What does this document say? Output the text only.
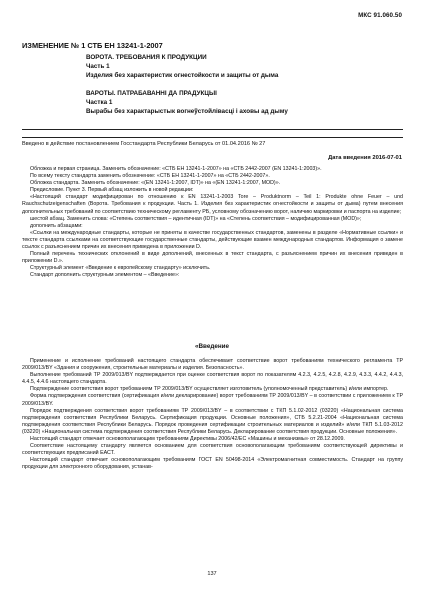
МКС 91.060.50
ИЗМЕНЕНИЕ № 1 СТБ ЕН 13241-1-2007
ВОРОТА. ТРЕБОВАНИЯ К ПРОДУКЦИИ
Часть 1
Изделия без характеристик огнестойкости и защиты от дыма
ВАРОТЫ. ПАТРАБАВАННI ДА ПРАДУКЦЫI
Частка 1
Вырабы без характарыстык вогнеўстойлiвасцi i аховы ад дыму
Введено в действие постановлением Госстандарта Республики Беларусь от 01.04.2016 № 27
Дата введения 2016-07-01

Обложка и первая страница. Заменить обозначение: «СТБ ЕН 13241-1-2007» на «СТБ 2442-2007 (EN 13241-1:2003)».

По всему тексту стандарта заменить обозначение: «СТБ ЕН 13241-1-2007» на «СТБ 2442-2007».

Обложка стандарта. Заменить обозначение: «(EN 13241-1:2007, IDT)» на «(EN 13241-1:2007, MOD)».

Предисловие. Пункт 3. Первый абзац изложить в новой редакции:

«Настоящий стандарт модифицирован по отношению к EN 13241-1-2003 Tore – Produktnorm – Teil 1: Produkte ohne Feuer – und Rauchschutzeigenschaften (Ворота. Требования к продукции. Часть 1. Изделия без характеристик огнестойкости и защиты от дыма) путем внесения дополнительных требований по соответствию техническому регламенту РБ, условному обозначению ворот, наличию маркировки и паспорта на изделие;

шестой абзац. Заменить слова: «Степень соответствия – идентичная (IDT)» на «Степень соответствия – модифицированная (MOD)»;

дополнить абзацами:

«Ссылки на международные стандарты, которые не приняты в качестве государственных стандартов, заменены в разделе «Нормативные ссылки» и тексте стандарта ссылками на соответствующие государственные стандарты, действующие взамен международных стандартов. Информация о замене ссылок с разъяснением причин их внесения приведена в приложении D.

Полный перечень технических отклонений в виде дополнений, внесенных в текст стандарта, с разъяснением причин их внесения приведен в приложении D.».

Структурный элемент «Введение к европейскому стандарту» исключить.

Стандарт дополнить структурным элементом – «Введение»:

«Введение

Применение и исполнение требований настоящего стандарта обеспечивает соответствие ворот требованиям технического регламента ТР 2009/013/BY «Здания и сооружения, строительные материалы и изделия. Безопасность».

Выполнение требований ТР 2009/013/BY подтверждается при оценке соответствия ворот по показателям 4.2.3, 4.2.5, 4.2.8, 4.2.9, 4.3.3, 4.4.2, 4.4.3, 4.4.5, 4.4.6 настоящего стандарта.

Подтверждение соответствия ворот требованиям ТР 2009/013/BY осуществляет изготовитель (уполномоченный представитель) и/или импортер.

Форма подтверждения соответствия (сертификация и/или декларирование) ворот требованиям ТР 2009/013/BY – в соответствии с приложением к ТР 2009/013/BY.

Порядок подтверждения соответствия ворот требованиям ТР 2009/013/BY – в соответствии с ТКП 5.1.02-2012 (03220) «Национальная система подтверждения соответствия Республики Беларусь. Сертификация продукции. Основные положения», СТБ 5.2.21-2004 «Национальная система подтверждения соответствия Республики Беларусь. Порядок проведения сертификации строительных материалов и изделий» и/или ТКП 5.1.03-2012 (03220) «Национальная система подтверждения соответствия Республики Беларусь. Декларирование соответствия продукции. Основные положения».

Настоящий стандарт отвечает основополагающим требованиям Директивы 2006/42/EC «Машины и механизмы» от 28.12.2009.

Соответствие настоящему стандарту является основанием для соответствия основополагающим требованиям соответствующей директивы и соответствующих предписаний ЕАСТ.

Настоящий стандарт отвечает основополагающим требованиям ГОСТ EN 50498-2014 «Электромагнитная совместимость. Стандарт на группу продукции для электронного оборудования, устанав-

137
